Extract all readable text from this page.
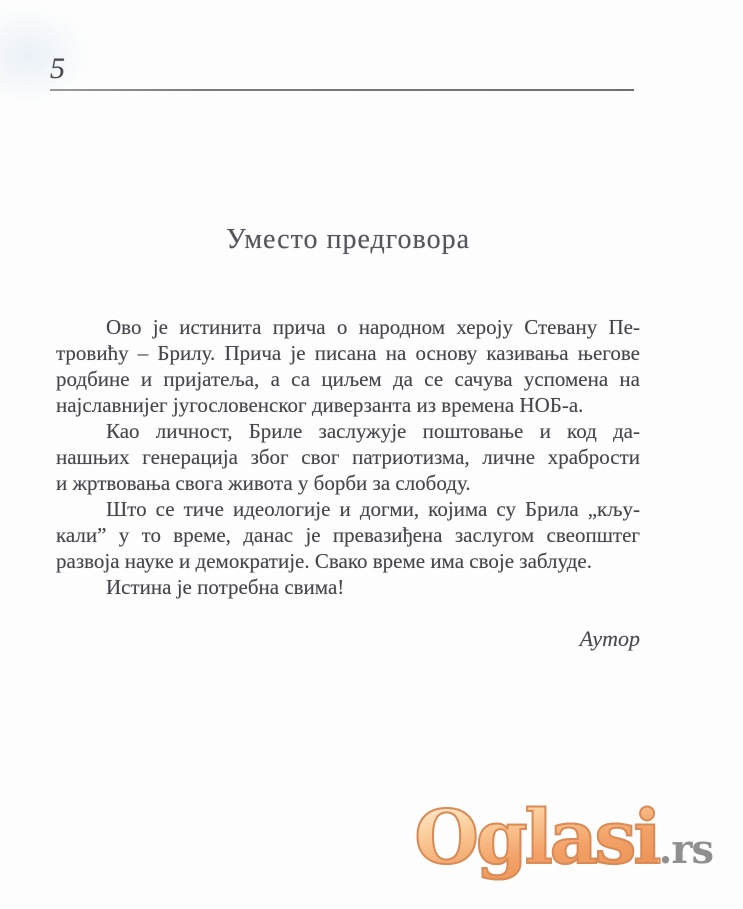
5
Уместо предговора
Ово је истинита прича о народном хероју Стевану Пе-
тровићу – Брилу. Прича је писана на основу казивања његове
родбине и пријатеља, а са циљем да се сачува успомена на
најславнијег југословенског диверзанта из времена НОБ-а.
Као личност, Бриле заслужује поштовање и код да-
нашњих генерација због свог патриотизма, личне храбрости
и жртвовања свога живота у борби за слободу.
Што се тиче идеологије и догми, којима су Брила „кљу-
кали” у то време, данас је превазиђена заслугом свеопштег
развоја науке и демократије. Свако време има своје заблуде.
Истина је потребна свима!
Аутор
Oglasi.rs
